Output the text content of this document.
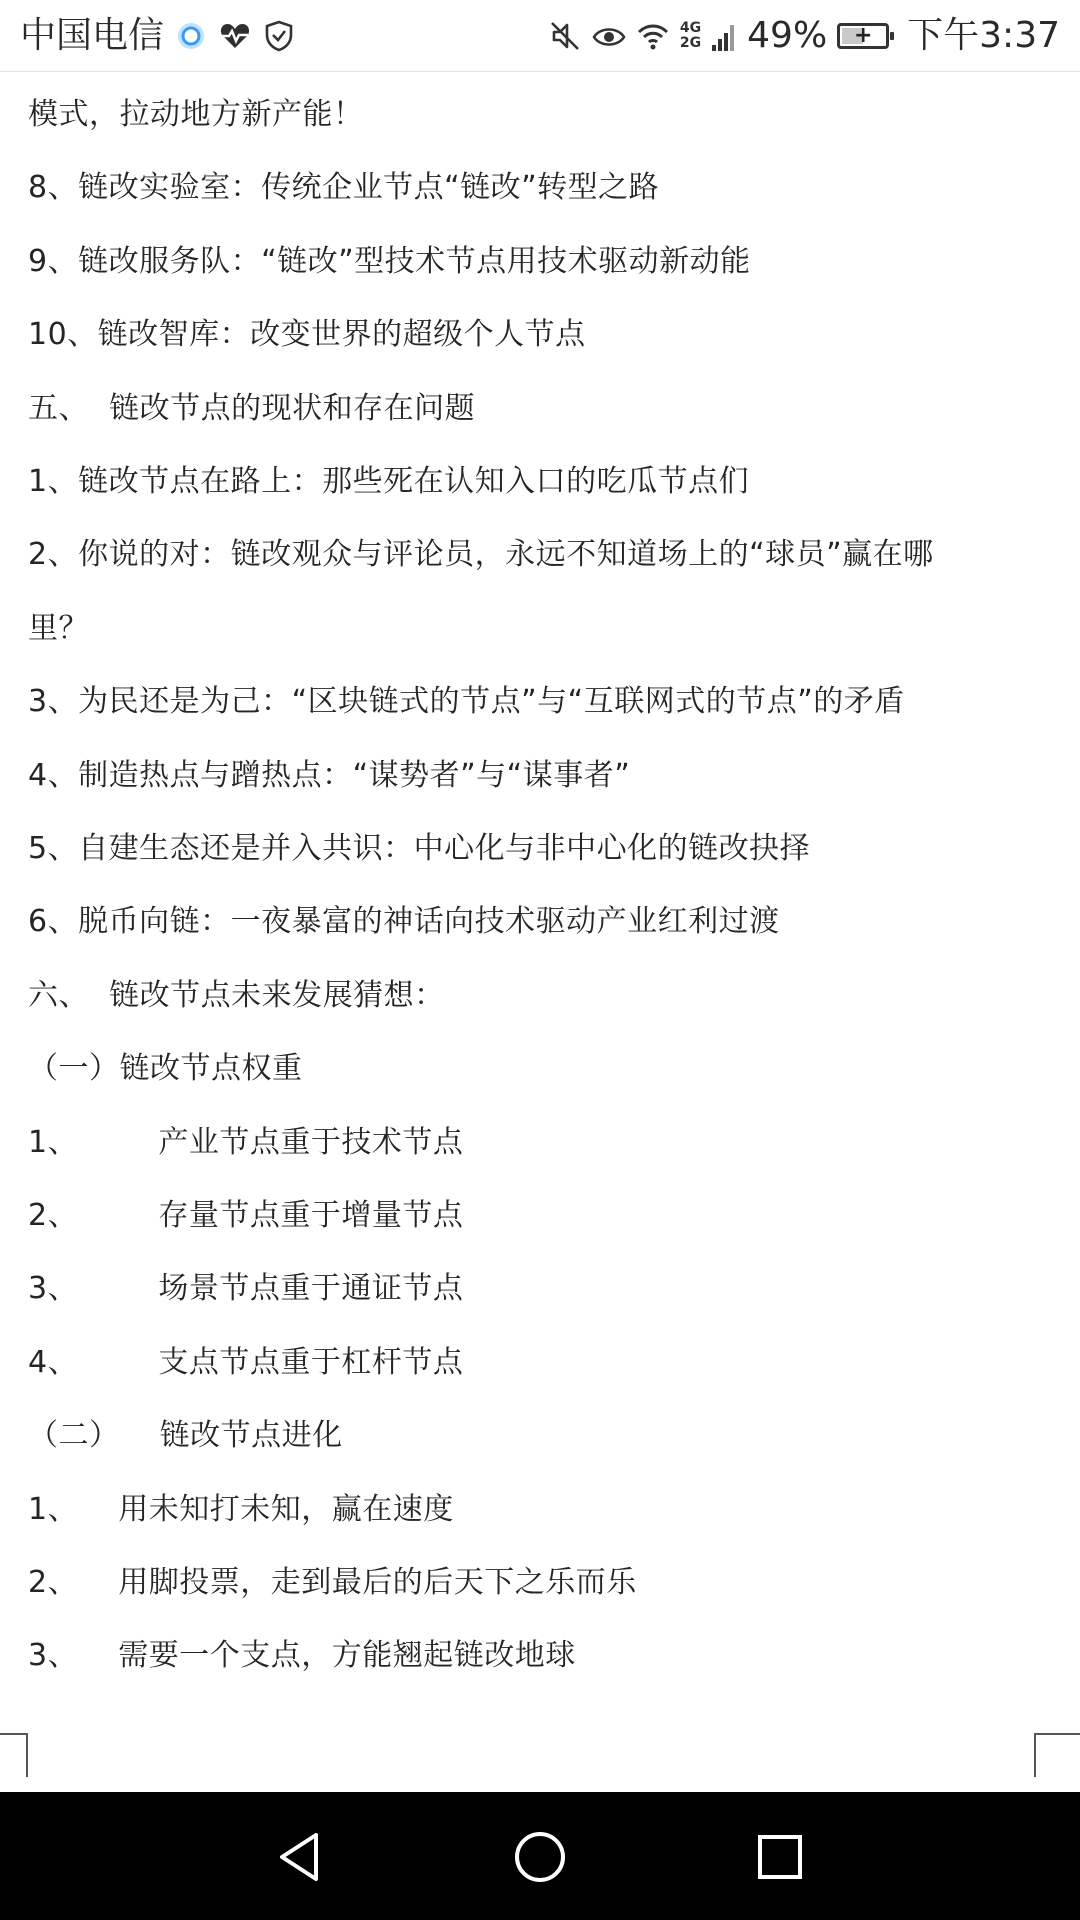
中国电信	4G
2G 49%	+ 下午3:37
模式，拉动地方新产能！
8、链改实验室：传统企业节点“链改”转型之路
9、链改服务队：“链改”型技术节点用技术驱动新动能
10、链改智库：改变世界的超级个人节点
五、  链改节点的现状和存在问题
1、链改节点在路上：那些死在认知入口的吃瓜节点们
2、你说的对：链改观众与评论员，永远不知道场上的“球员”赢在哪
里？
3、为民还是为己：“区块链式的节点”与“互联网式的节点”的矛盾
4、制造热点与蹭热点：“谋势者”与“谋事者”
5、自建生态还是并入共识：中心化与非中心化的链改抉择
6、脱币向链：一夜暴富的神话向技术驱动产业红利过渡
六、  链改节点未来发展猜想：
（一）链改节点权重
1、        产业节点重于技术节点
2、        存量节点重于增量节点
3、        场景节点重于通证节点
4、        支点节点重于杠杆节点
（二）    链改节点进化
1、    用未知打未知，赢在速度
2、    用脚投票，走到最后的后天下之乐而乐
3、    需要一个支点，方能翘起链改地球
